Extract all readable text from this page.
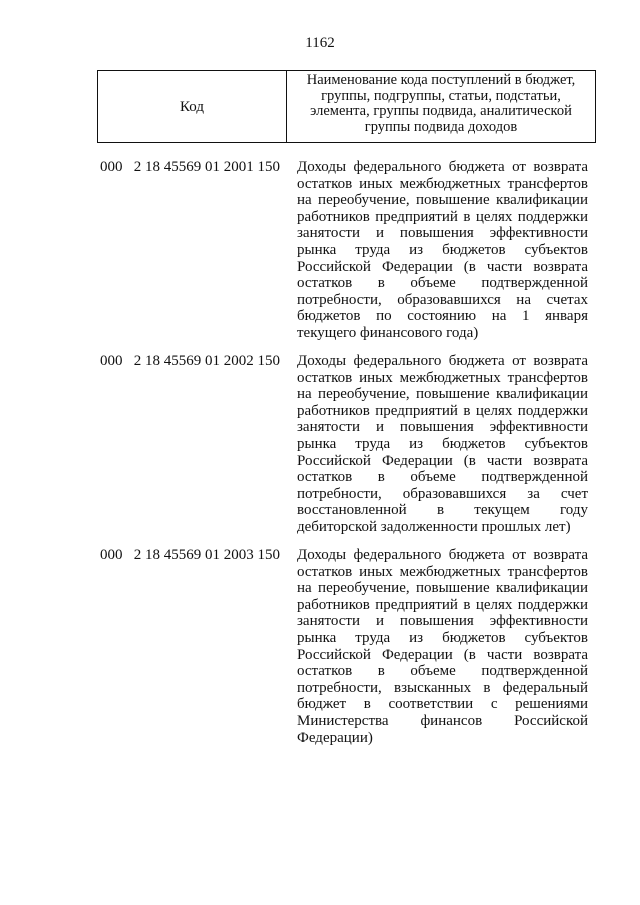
1162
Код
Наименование кода поступлений в бюджет,
группы, подгруппы, статьи, подстатьи,
элемента, группы подвида, аналитической
группы подвида доходов
000   2 18 45569 01 2001 150 Доходы федерального бюджета от возврата
остатков иных межбюджетных трансфертов
на переобучение, повышение квалификации
работников предприятий в целях поддержки
занятости и повышения эффективности
рынка труда из бюджетов субъектов
Российской Федерации (в части возврата
остатков в объеме подтвержденной
потребности, образовавшихся на счетах
бюджетов по состоянию на 1 января
текущего финансового года)
000   2 18 45569 01 2002 150 Доходы федерального бюджета от возврата
остатков иных межбюджетных трансфертов
на переобучение, повышение квалификации
работников предприятий в целях поддержки
занятости и повышения эффективности
рынка труда из бюджетов субъектов
Российской Федерации (в части возврата
остатков в объеме подтвержденной
потребности, образовавшихся за счет
восстановленной в текущем году
дебиторской задолженности прошлых лет)
000   2 18 45569 01 2003 150 Доходы федерального бюджета от возврата
остатков иных межбюджетных трансфертов
на переобучение, повышение квалификации
работников предприятий в целях поддержки
занятости и повышения эффективности
рынка труда из бюджетов субъектов
Российской Федерации (в части возврата
остатков в объеме подтвержденной
потребности, взысканных в федеральный
бюджет в соответствии с решениями
Министерства финансов Российской
Федерации)
